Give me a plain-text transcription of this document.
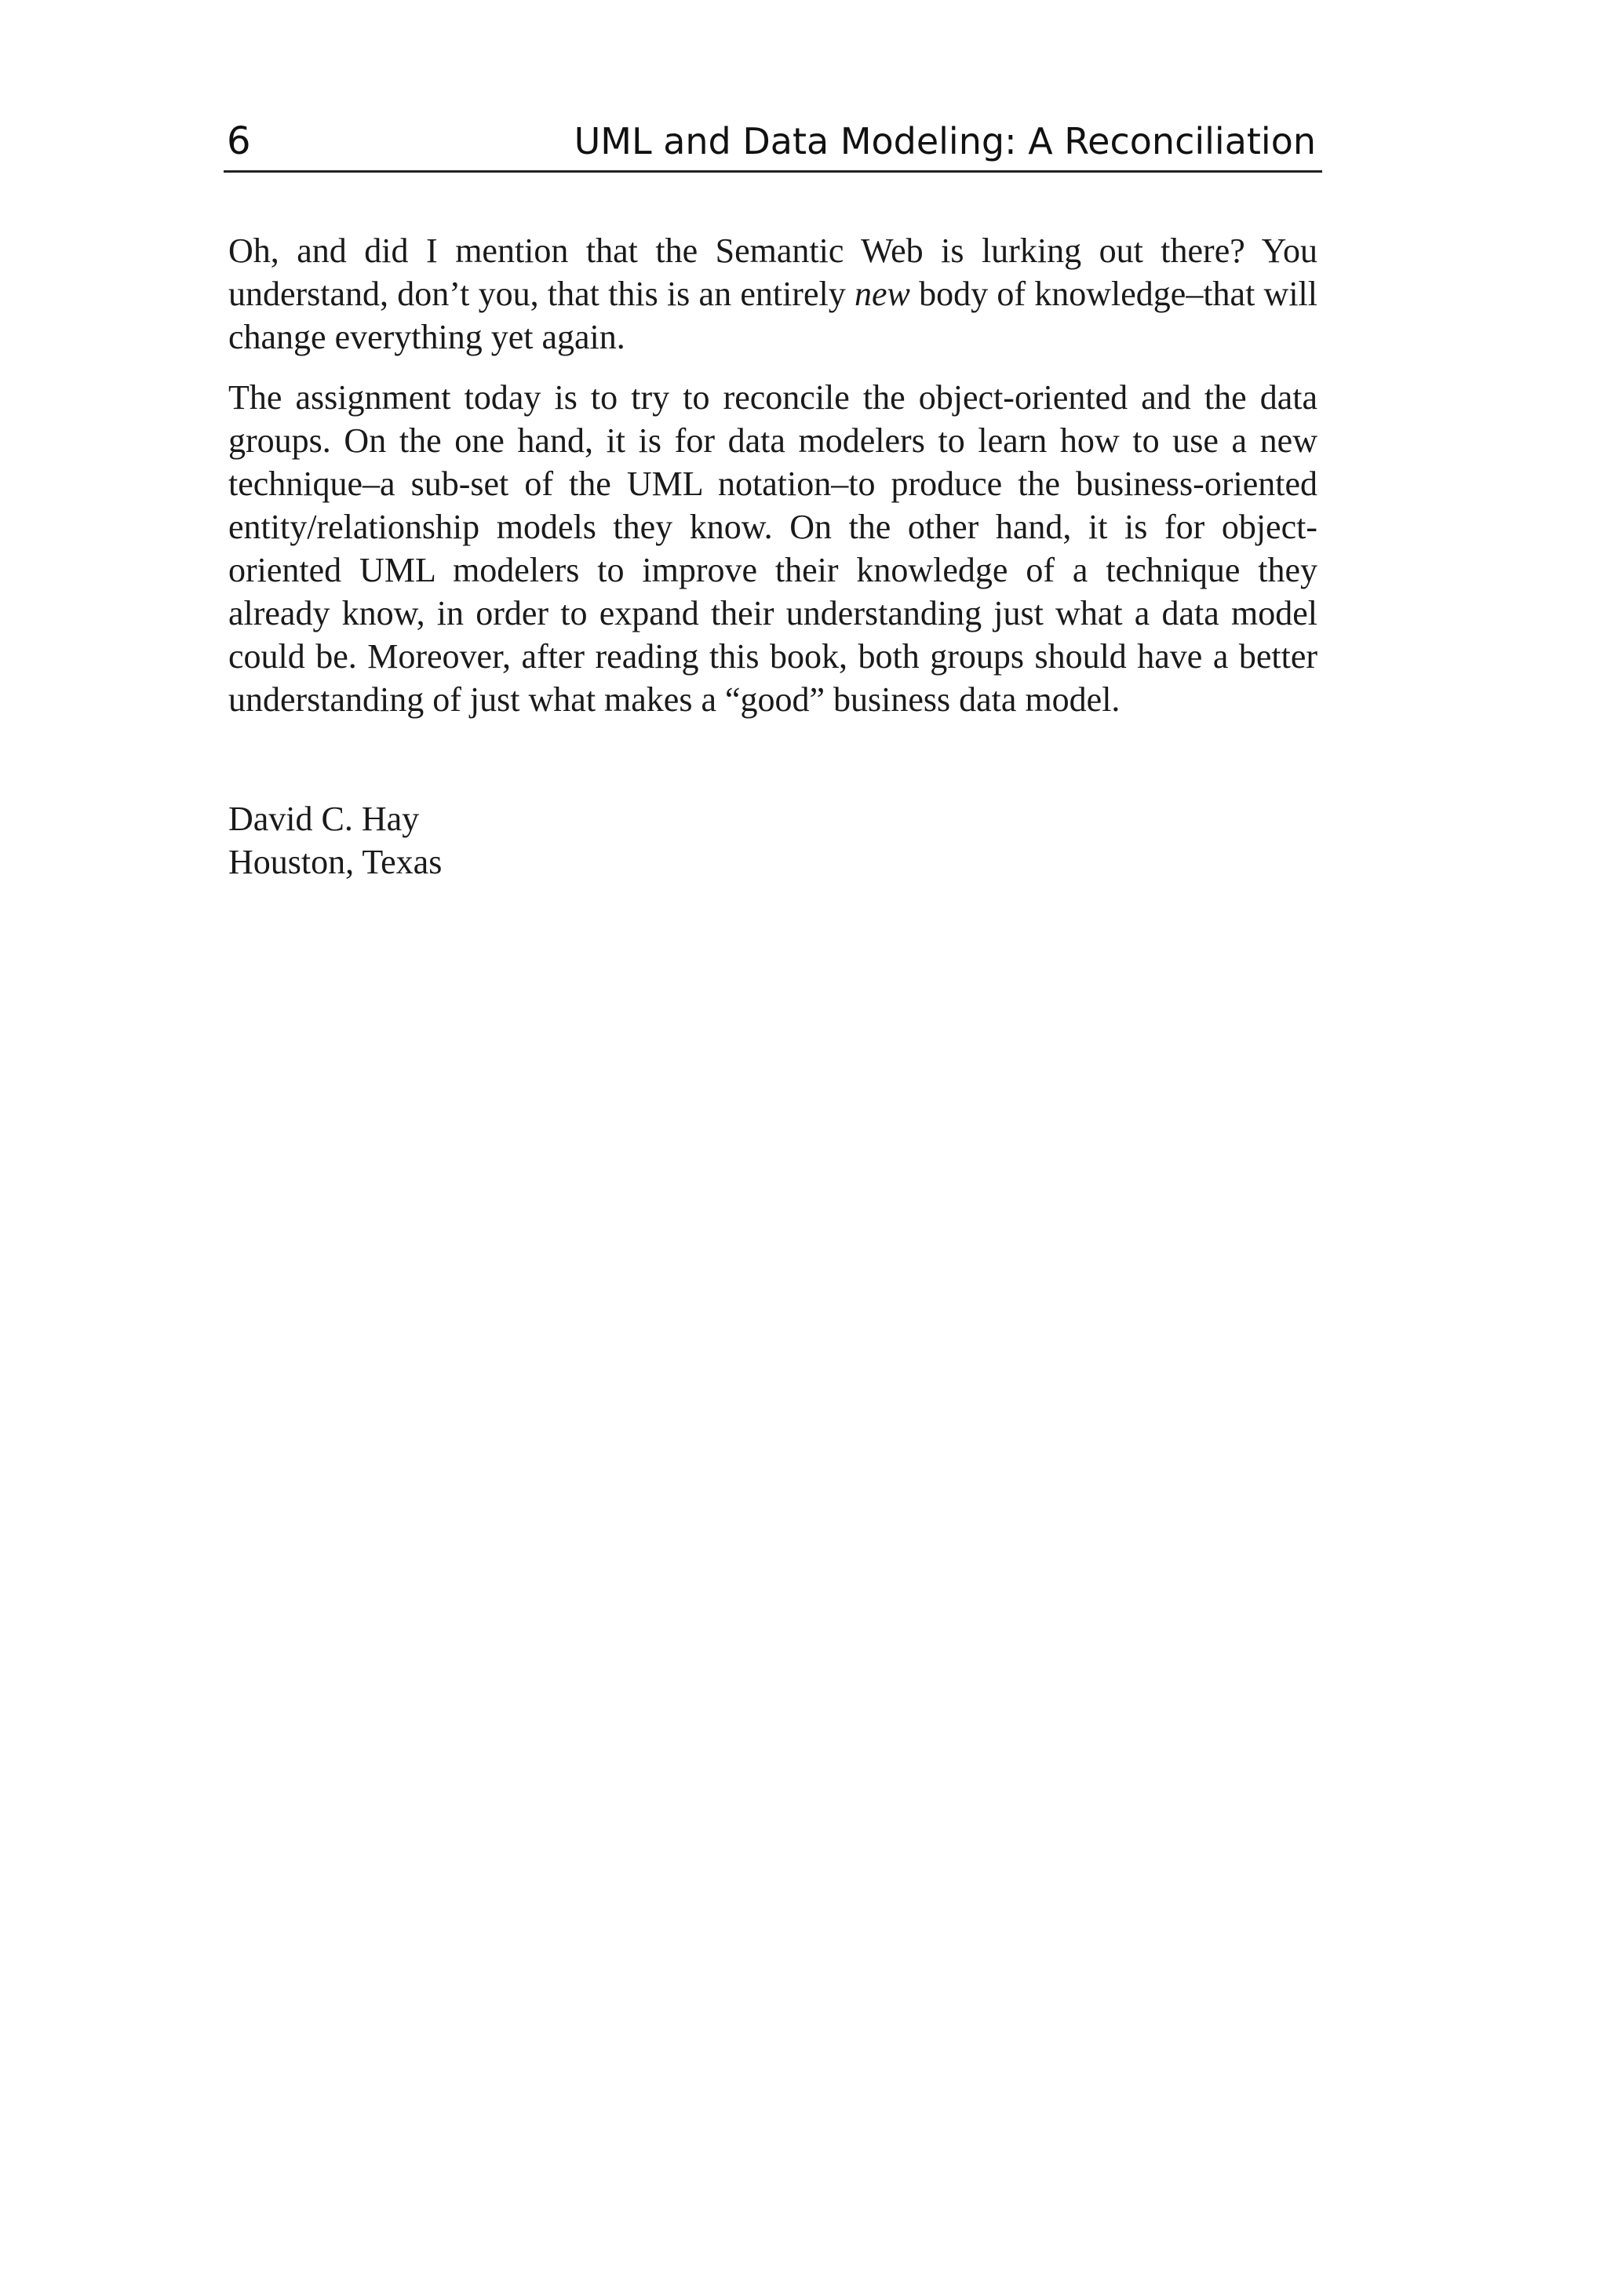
6	UML and Data Modeling: A Reconciliation

Oh, and did I mention that the Semantic Web is lurking out there? You understand, don’t you, that this is an entirely new body of knowledge–that will change everything yet again.

The assignment today is to try to reconcile the object-oriented and the data groups. On the one hand, it is for data modelers to learn how to use a new technique–a sub-set of the UML notation–to produce the business-oriented entity/relationship models they know. On the other hand, it is for object-oriented UML modelers to improve their knowledge of a technique they already know, in order to expand their understanding just what a data model could be. Moreover, after reading this book, both groups should have a better understanding of just what makes a “good” business data model.

David C. Hay
Houston, Texas
